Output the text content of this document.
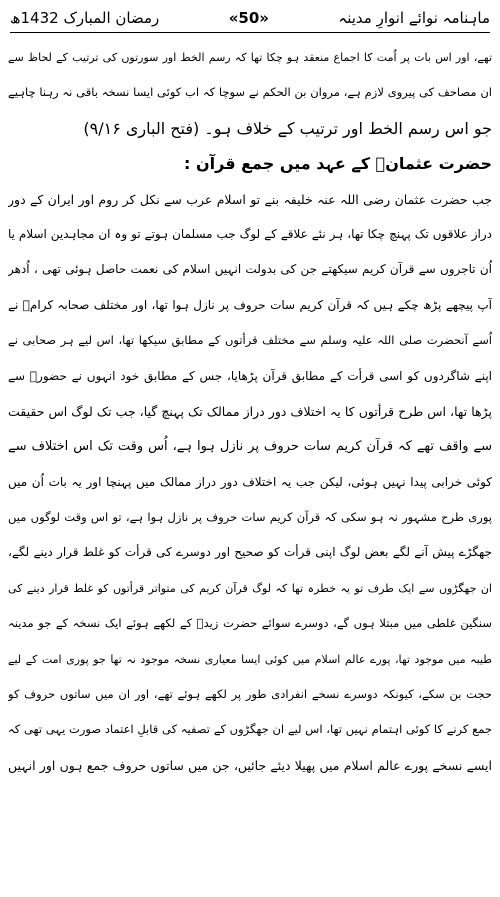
ماہنامہ نوائے انوارِ مدینہ
«50»
رمضان المبارک 1432ھ
تھے، اور اس بات پر اُمت کا اجماع منعقد ہو چکا تھا کہ رسم الخط اور سورتوں کی ترتیب کے لحاظ سے
ان مصاحف کی پیروی لازم ہے، مروان بن الحکم نے سوچا کہ اب کوئی ایسا نسخہ باقی نہ رہنا چاہیے
جو اس رسم الخط اور ترتیب کے خلاف ہو۔ (فتح الباری ۹/۱۶)
حضرت عثمانؓ کے عہد میں جمع قرآن :
جب حضرت عثمان رضی اللہ عنہ خلیفہ بنے تو اسلام عرب سے نکل کر روم اور ایران کے دور
دراز علاقوں تک پہنچ چکا تھا، ہر نئے علاقے کے لوگ جب مسلمان ہوتے تو وہ ان مجاہدین اسلام یا
اُن تاجروں سے قرآن کریم سیکھتے جن کی بدولت انہیں اسلام کی نعمت حاصل ہوئی تھی ، اُدھر
آپ پیچھے پڑھ چکے ہیں کہ قرآن کریم سات حروف پر نازل ہوا تھا، اور مختلف صحابہ کرامؓ نے
اُسے آنحضرت صلی اللہ علیہ وسلم سے مختلف قرأتوں کے مطابق سیکھا تھا، اس لیے ہر صحابی نے
اپنے شاگردوں کو اسی قرأت کے مطابق قرآن پڑھایا، جس کے مطابق خود انہوں نے حضورؐ سے
پڑھا تھا، اس طرح قرأتوں کا یہ اختلاف دور دراز ممالک تک پہنچ گیا، جب تک لوگ اس حقیقت
سے واقف تھے کہ قرآن کریم سات حروف پر نازل ہوا ہے، اُس وقت تک اس اختلاف سے
کوئی خرابی پیدا نہیں ہوئی، لیکن جب یہ اختلاف دور دراز ممالک میں پہنچا اور یہ بات اُن میں
پوری طرح مشہور نہ ہو سکی کہ قرآن کریم سات حروف پر نازل ہوا ہے، تو اس وقت لوگوں میں
جھگڑے پیش آنے لگے بعض لوگ اپنی قرأت کو صحیح اور دوسرے کی قرأت کو غلط قرار دینے لگے،
ان جھگڑوں سے ایک طرف تو یہ خطرہ تھا کہ لوگ قرآن کریم کی متواتر قرأتوں کو غلط قرار دینے کی
سنگین غلطی میں مبتلا ہوں گے، دوسرے سوائے حضرت زیدؓ کے لکھے ہوئے ایک نسخہ کے جو مدینہ
طیبہ میں موجود تھا، پورے عالم اسلام میں کوئی ایسا معیاری نسخہ موجود نہ تھا جو پوری امت کے لیے
حجت بن سکے، کیونکہ دوسرے نسخے انفرادی طور پر لکھے ہوئے تھے، اور ان میں ساتوں حروف کو
جمع کرنے کا کوئی اہتمام نہیں تھا، اس لیے ان جھگڑوں کے تصفیہ کی قابلِ اعتماد صورت یہی تھی کہ
ایسے نسخے پورے عالم اسلام میں پھیلا دیئے جائیں، جن میں ساتوں حروف جمع ہوں اور انہیں
